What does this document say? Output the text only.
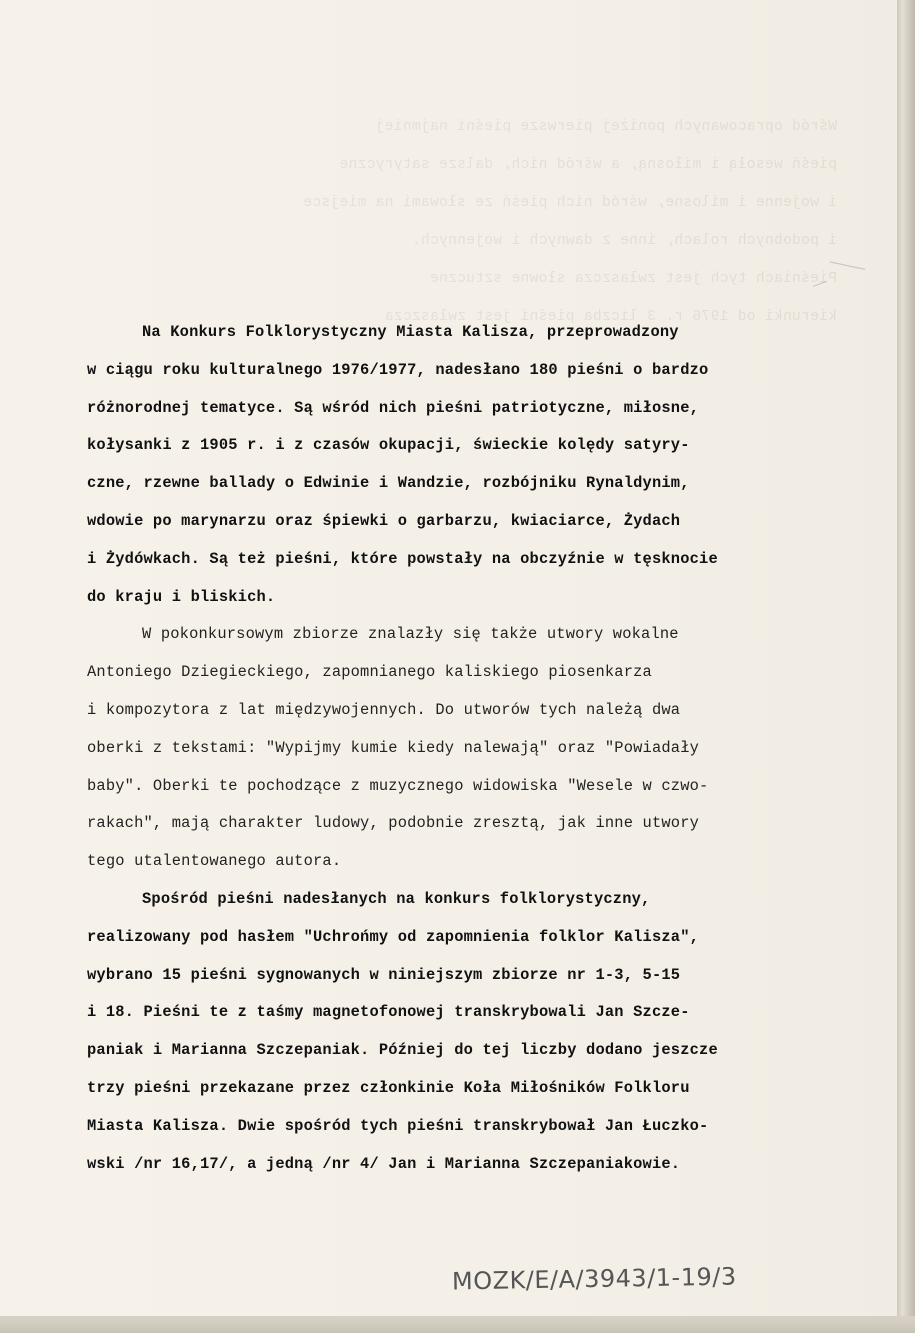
Wśród opracowanych poniżej pierwsze pieśni najmniej
pieśń wesołą i miłosną, a wśród nich, dalsze satyryczne
i wojenne i milosne, wśród nich pieśń ze słowami na miejsce
i podobnych rolach, inne z dawnych i wojennych.
Pieśniach tych jest zwłaszcza słowne sztuczne
kierunki od 1976 r. 3 liczba pieśni jest zwłaszcza
Na Konkurs Folklorystyczny Miasta Kalisza, przeprowadzony
w ciągu roku kulturalnego 1976/1977, nadesłano 180 pieśni o bardzo
różnorodnej tematyce. Są wśród nich pieśni patriotyczne, miłosne,
kołysanki z 1905 r. i z czasów okupacji, świeckie kolędy satyry-
czne, rzewne ballady o Edwinie i Wandzie, rozbójniku Rynaldynim,
wdowie po marynarzu oraz śpiewki o garbarzu, kwiaciarce, Żydach
i Żydówkach. Są też pieśni, które powstały na obczyźnie w tęsknocie
do kraju i bliskich.
W pokonkursowym zbiorze znalazły się także utwory wokalne
Antoniego Dziegieckiego, zapomnianego kaliskiego piosenkarza
i kompozytora z lat międzywojennych. Do utworów tych należą dwa
oberki z tekstami: "Wypijmy kumie kiedy nalewają" oraz "Powiadały
baby". Oberki te pochodzące z muzycznego widowiska "Wesele w czwo-
rakach", mają charakter ludowy, podobnie zresztą, jak inne utwory
tego utalentowanego autora.
Spośród pieśni nadesłanych na konkurs folklorystyczny,
realizowany pod hasłem "Uchrońmy od zapomnienia folklor Kalisza",
wybrano 15 pieśni sygnowanych w niniejszym zbiorze nr 1-3, 5-15
i 18. Pieśni te z taśmy magnetofonowej transkrybowali Jan Szcze-
paniak i Marianna Szczepaniak. Później do tej liczby dodano jeszcze
trzy pieśni przekazane przez członkinie Koła Miłośników Folkloru
Miasta Kalisza. Dwie spośród tych pieśni transkrybował Jan Łuczko-
wski /nr 16,17/, a jedną /nr 4/ Jan i Marianna Szczepaniakowie.
MOZK/E/A/3943/1-19/3
